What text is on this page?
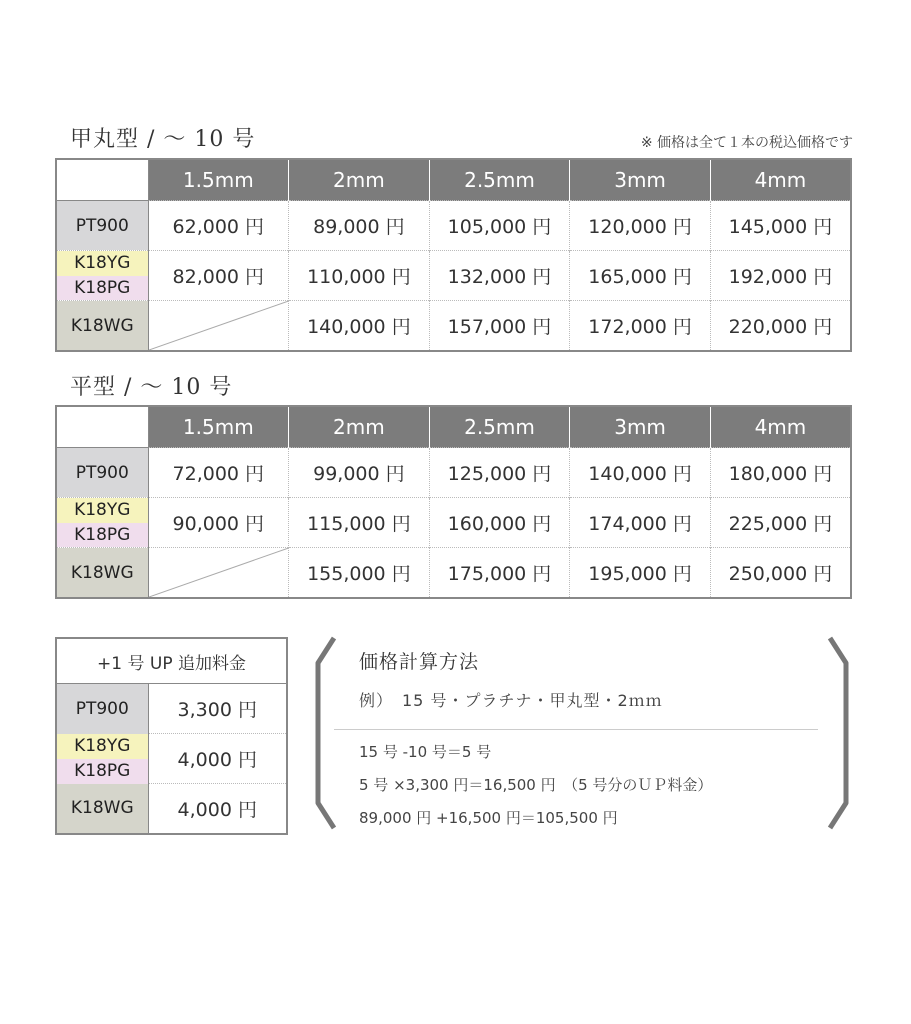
甲丸型 / 〜 10 号	※ 価格は全て１本の税込価格です
	1.5mm	2mm	2.5mm	3mm	4mm

PT900	62,000 円	89,000 円	105,000 円	120,000 円	145,000 円

K18YG
K18PG	82,000 円	110,000 円	132,000 円	165,000 円	192,000 円

K18WG		140,000 円	157,000 円	172,000 円	220,000 円
平型 / 〜 10 号
	1.5mm	2mm	2.5mm	3mm	4mm

PT900	72,000 円	99,000 円	125,000 円	140,000 円	180,000 円

K18YG
K18PG	90,000 円	115,000 円	160,000 円	174,000 円	225,000 円

K18WG		155,000 円	175,000 円	195,000 円	250,000 円
+1 号 UP 追加料金	

PT900	3,300 円

K18YG
K18PG	4,000 円

K18WG	4,000 円
価格計算方法
例）　15 号・プラチナ・甲丸型・2ｍｍ
15 号 -10 号＝5 号
5 号 ×3,300 円＝16,500 円　（5 号分のＵＰ料金）
89,000 円 +16,500 円＝105,500 円
